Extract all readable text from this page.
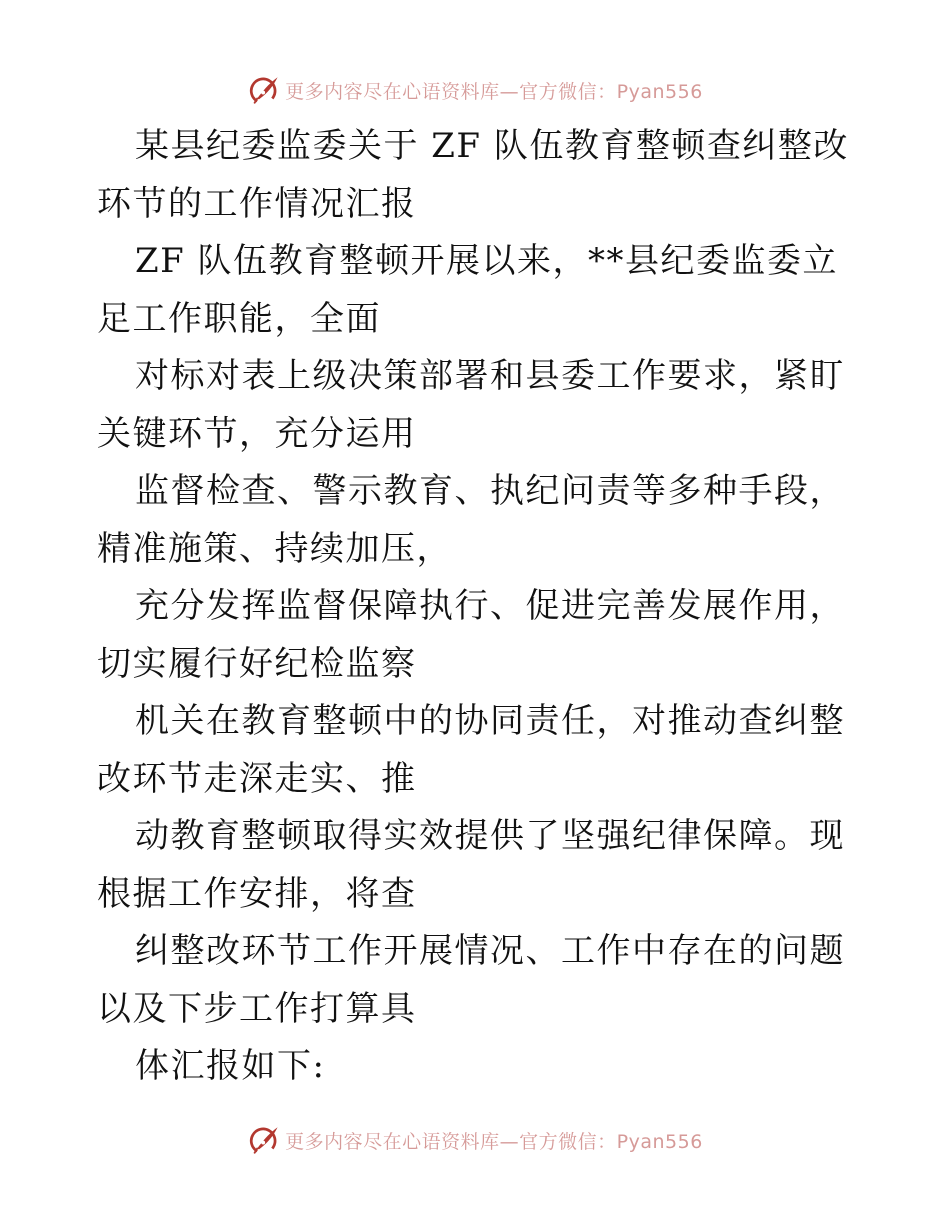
更多内容尽在心语资料库—官方微信：Pyan556

某县纪委监委关于 ZF 队伍教育整顿查纠整改环节的工作情况汇报

ZF 队伍教育整顿开展以来，**县纪委监委立足工作职能，全面

对标对表上级决策部署和县委工作要求，紧盯关键环节，充分运用

监督检查、警示教育、执纪问责等多种手段，精准施策、持续加压，

充分发挥监督保障执行、促进完善发展作用，切实履行好纪检监察

机关在教育整顿中的协同责任，对推动查纠整改环节走深走实、推

动教育整顿取得实效提供了坚强纪律保障。现根据工作安排，将查

纠整改环节工作开展情况、工作中存在的问题以及下步工作打算具

体汇报如下:

更多内容尽在心语资料库—官方微信：Pyan556
